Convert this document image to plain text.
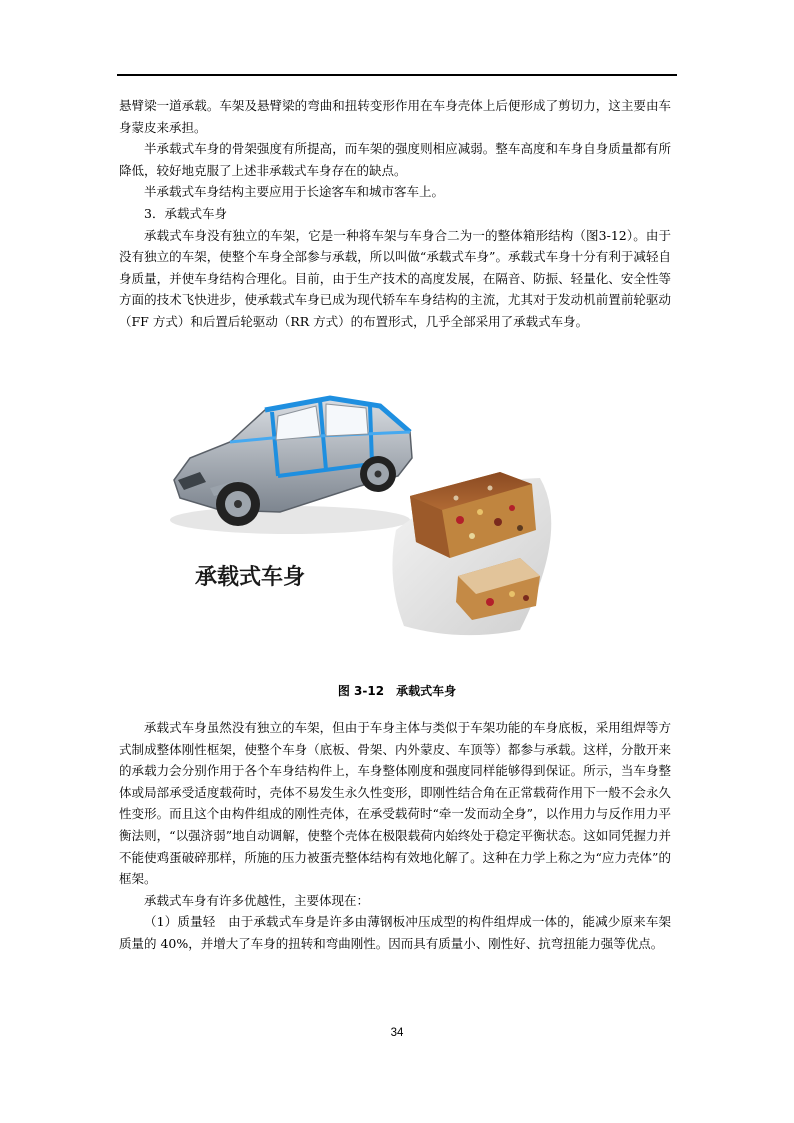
悬臂梁一道承载。车架及悬臂梁的弯曲和扭转变形作用在车身壳体上后便形成了剪切力，这主要由车身蒙皮来承担。

半承载式车身的骨架强度有所提高，而车架的强度则相应减弱。整车高度和车身自身质量都有所降低，较好地克服了上述非承载式车身存在的缺点。

半承载式车身结构主要应用于长途客车和城市客车上。

3．承载式车身

承载式车身没有独立的车架，它是一种将车架与车身合二为一的整体箱形结构（图3-12）。由于没有独立的车架，使整个车身全部参与承载，所以叫做“承载式车身”。承载式车身十分有利于减轻自身质量，并使车身结构合理化。目前，由于生产技术的高度发展，在隔音、防振、轻量化、安全性等方面的技术飞快进步，使承载式车身已成为现代轿车车身结构的主流，尤其对于发动机前置前轮驱动（FF 方式）和后置后轮驱动（RR 方式）的布置形式，几乎全部采用了承载式车身。

承载式车身
图 3-12 承载式车身

承载式车身虽然没有独立的车架，但由于车身主体与类似于车架功能的车身底板，采用组焊等方式制成整体刚性框架，使整个车身（底板、骨架、内外蒙皮、车顶等）都参与承载。这样，分散开来的承载力会分别作用于各个车身结构件上，车身整体刚度和强度同样能够得到保证。所示，当车身整体或局部承受适度载荷时，壳体不易发生永久性变形，即刚性结合角在正常载荷作用下一般不会永久性变形。而且这个由构件组成的刚性壳体，在承受载荷时“牵一发而动全身”，以作用力与反作用力平衡法则，“以强济弱”地自动调解，使整个壳体在极限载荷内始终处于稳定平衡状态。这如同凭握力并不能使鸡蛋破碎那样，所施的压力被蛋壳整体结构有效地化解了。这种在力学上称之为“应力壳体”的框架。

承载式车身有许多优越性，主要体现在：

（1）质量轻　由于承载式车身是许多由薄钢板冲压成型的构件组焊成一体的，能减少原来车架质量的 40%，并增大了车身的扭转和弯曲刚性。因而具有质量小、刚性好、抗弯扭能力强等优点。

34
